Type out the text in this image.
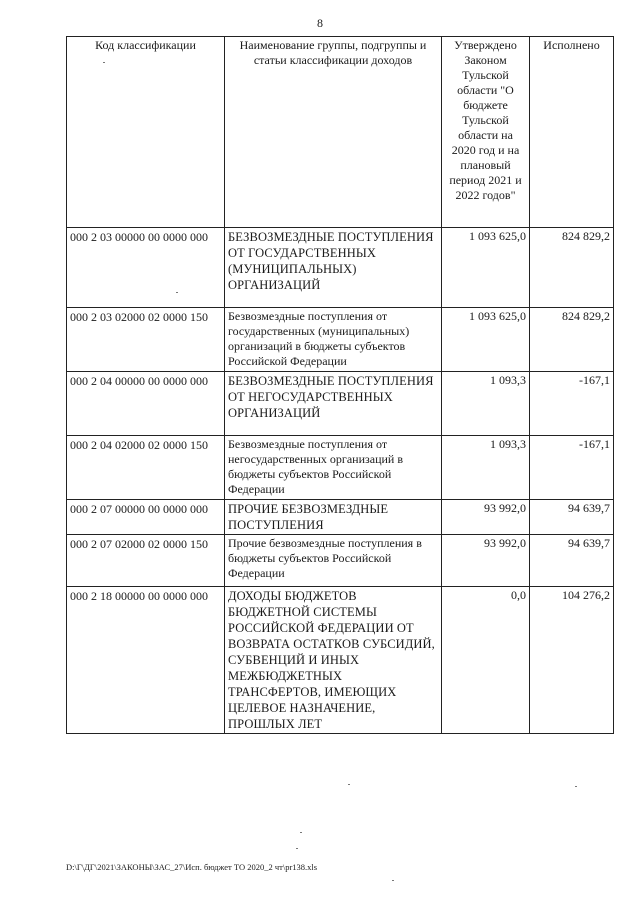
8
Код классификации	Наименование группы, подгруппы и статьи классификации доходов	Утверждено Законом Тульской области "О бюджете Тульской области на 2020 год и на плановый период 2021 и 2022 годов"	Исполнено
000 2 03 00000 00 0000 000	БЕЗВОЗМЕЗДНЫЕ ПОСТУПЛЕНИЯ ОТ ГОСУДАРСТВЕННЫХ (МУНИЦИПАЛЬНЫХ) ОРГАНИЗАЦИЙ	1 093 625,0	824 829,2
000 2 03 02000 02 0000 150	Безвозмездные поступления от государственных (муниципальных) организаций в бюджеты субъектов Российской Федерации	1 093 625,0	824 829,2
000 2 04 00000 00 0000 000	БЕЗВОЗМЕЗДНЫЕ ПОСТУПЛЕНИЯ ОТ НЕГОСУДАРСТВЕННЫХ ОРГАНИЗАЦИЙ	1 093,3	-167,1
000 2 04 02000 02 0000 150	Безвозмездные поступления от негосударственных организаций в бюджеты субъектов Российской Федерации	1 093,3	-167,1
000 2 07 00000 00 0000 000	ПРОЧИЕ БЕЗВОЗМЕЗДНЫЕ ПОСТУПЛЕНИЯ	93 992,0	94 639,7
000 2 07 02000 02 0000 150	Прочие безвозмездные поступления в бюджеты субъектов Российской Федерации	93 992,0	94 639,7
000 2 18 00000 00 0000 000	ДОХОДЫ БЮДЖЕТОВ БЮДЖЕТНОЙ СИСТЕМЫ РОССИЙСКОЙ ФЕДЕРАЦИИ ОТ ВОЗВРАТА ОСТАТКОВ СУБСИДИЙ, СУБВЕНЦИЙ И ИНЫХ МЕЖБЮДЖЕТНЫХ ТРАНСФЕРТОВ, ИМЕЮЩИХ ЦЕЛЕВОЕ НАЗНАЧЕНИЕ, ПРОШЛЫХ ЛЕТ	0,0	104 276,2
D:\Г\ДГ\2021\ЗАКОНЫ\ЗАС_27\Исп. бюджет ТО 2020_2 чт\pr138.xls
